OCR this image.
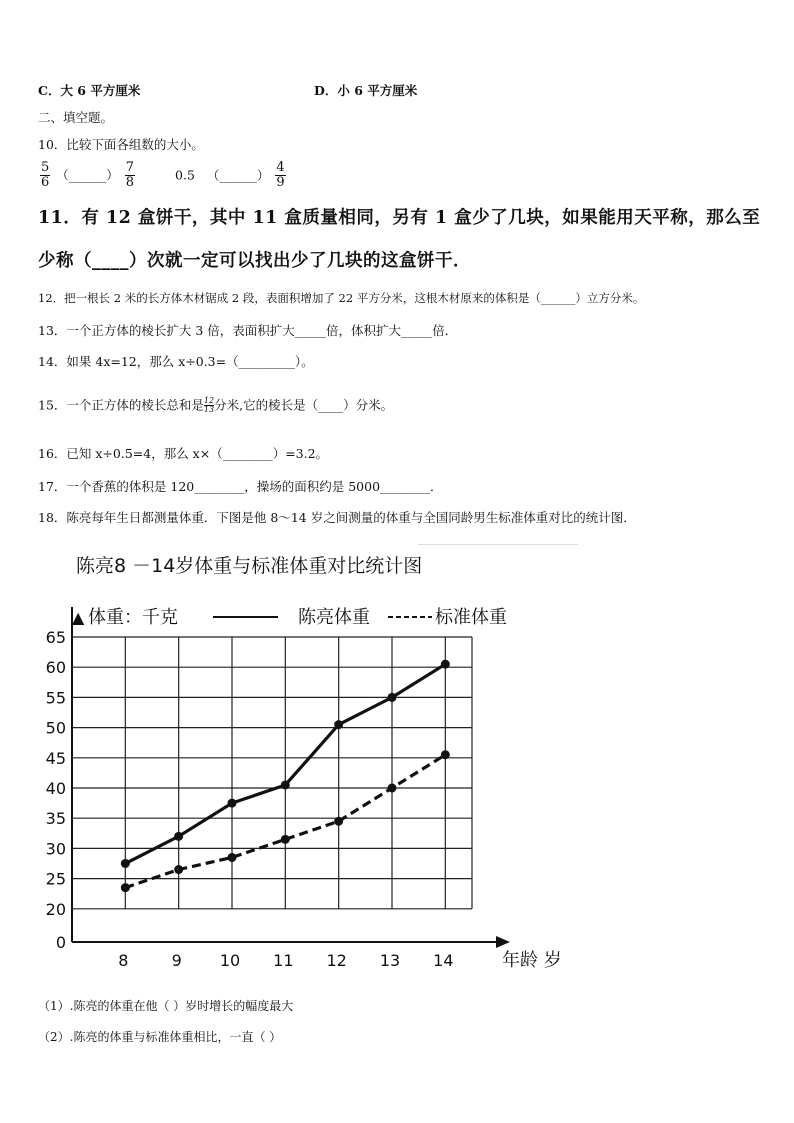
C．大 6 平方厘米	D．小 6 平方厘米
二、填空题。
10．比较下面各组数的大小。
$\frac{5}{6}$ （______） $\frac{7}{8}$	0.5 （______） $\frac{4}{9}$
11．有 12 盒饼干，其中 11 盒质量相同，另有 1 盒少了几块，如果能用天平称，那么至
少称（____）次就一定可以找出少了几块的这盒饼干．
12．把一根长 2 米的长方体木材锯成 2 段，表面积增加了 22 平方分米，这根木材原来的体积是（______）立方分米。
13．一个正方体的棱长扩大 3 倍，表面积扩大_____倍，体积扩大_____倍．
14．如果 4x=12，那么 x÷0.3=（_________）。
15．一个正方体的棱长总和是 $\frac{12}{13}$分米,它的棱长是（____）分米。
16．已知 x÷0.5=4，那么 x×（________）=3.2。
17．一个香蕉的体积是 120________，操场的面积约是 5000________．
18．陈亮每年生日都测量体重．下图是他 8～14 岁之间测量的体重与全国同龄男生标准体重对比的统计图．
陈亮8 －14岁体重与标准体重对比统计图
▲ 体重：千克	陈亮体重	标准体重
0
20
25
30
35
40
45
50
55
60
65
8	9 10 11 12 13 14	年龄 岁
（1）.陈亮的体重在他（ ）岁时增长的幅度最大
（2）.陈亮的体重与标准体重相比，一直（ ）
